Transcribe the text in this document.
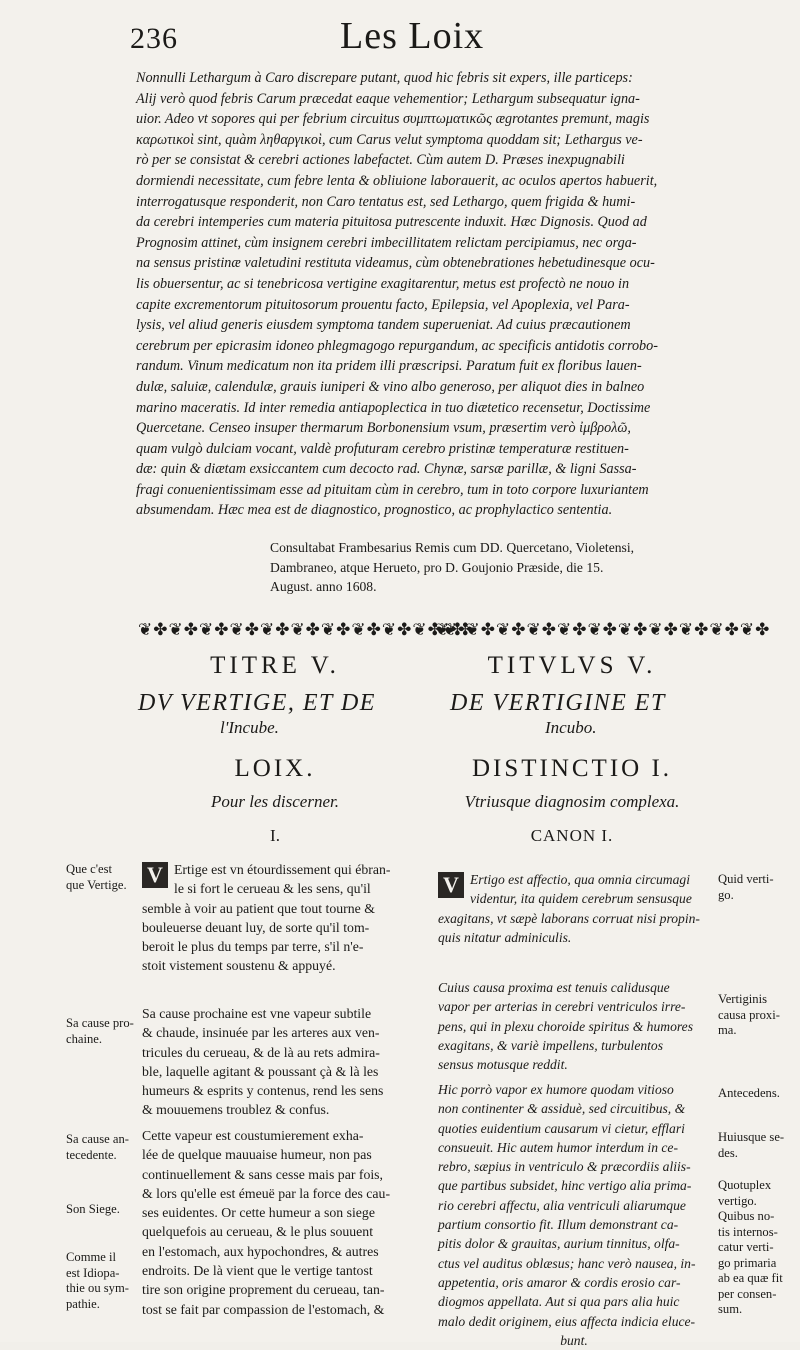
236	Les Loix

Nonnulli Lethargum à Caro discrepare putant, quod hic febris sit expers, ille particeps:

Alij verò quod febris Carum præcedat eaque vehementior; Lethargum subsequatur igna-

uior. Adeo vt sopores qui per febrium circuitus συμπτωματικῶς ægrotantes premunt, magis

καρωτικοὶ sint, quàm ληθαργικοὶ, cum Carus velut symptoma quoddam sit; Lethargus ve-

rò per se consistat & cerebri actiones labefactet. Cùm autem D. Præses inexpugnabili

dormiendi necessitate, cum febre lenta & obliuione laborauerit, ac oculos apertos habuerit,

interrogatusque responderit, non Caro tentatus est, sed Lethargo, quem frigida & humi-

da cerebri intemperies cum materia pituitosa putrescente induxit. Hæc Dignosis. Quod ad

Prognosim attinet, cùm insignem cerebri imbecillitatem relictam percipiamus, nec orga-

na sensus pristinæ valetudini restituta videamus, cùm obtenebrationes hebetudinesque ocu-

lis obuersentur, ac si tenebricosa vertigine exagitarentur, metus est profectò ne nouo in

capite excrementorum pituitosorum prouentu facto, Epilepsia, vel Apoplexia, vel Para-

lysis, vel aliud generis eiusdem symptoma tandem superueniat. Ad cuius præcautionem

cerebrum per epicrasim idoneo phlegmagogo repurgandum, ac specificis antidotis corrobo-

randum. Vinum medicatum non ita pridem illi præscripsi. Paratum fuit ex floribus lauen-

dulæ, saluiæ, calendulæ, grauis iuniperi & vino albo generoso, per aliquot dies in balneo

marino maceratis. Id inter remedia antiapoplectica in tuo diætetico recensetur, Doctissime

Quercetane. Censeo insuper thermarum Borbonensium vsum, præsertim verò ἰμβρολῶ,

quam vulgò dulciam vocant, valdè profuturam cerebro pristinæ temperaturæ restituen-

dæ: quin & diætam exsiccantem cum decocto rad. Chynæ, sarsæ parillæ, & ligni Sassa-

fragi conuenientissimam esse ad pituitam cùm in cerebro, tum in toto corpore luxuriantem

absumendam. Hæc mea est de diagnostico, prognostico, ac prophylactico sententia.

Consultabat Frambesarius Remis cum DD. Quercetano, Violetensi,

Dambraneo, atque Herueto, pro D. Goujonio Præside, die 15.

August. anno 1608.

❦✤❦✤❦✤❦✤❦✤❦✤❦✤❦✤❦✤❦✤❦✤
❦✤❦✤❦✤❦✤❦✤❦✤❦✤❦✤❦✤❦✤❦✤
TITRE V.
DV VERTIGE, ET DE
l'Incube.
LOIX.
Pour les discerner.
I.
TITVLVS V.
DE VERTIGINE ET
Incubo.
DISTINCTIO I.
Vtriusque diagnosim complexa.
CANON I.
V Ertige est vn étourdissement qui ébran-

le si fort le cerueau & les sens, qu'il

semble à voir au patient que tout tourne &

bouleuerse deuant luy, de sorte qu'il tom-

beroit le plus du temps par terre, s'il n'e-

stoit vistement soustenu & appuyé.

Sa cause prochaine est vne vapeur subtile

& chaude, insinuée par les arteres aux ven-

tricules du cerueau, & de là au rets admira-

ble, laquelle agitant & poussant çà & là les

humeurs & esprits y contenus, rend les sens

& mouuemens troublez & confus.

Cette vapeur est coustumierement exha-

lée de quelque mauuaise humeur, non pas

continuellement & sans cesse mais par fois,

& lors qu'elle est émeuë par la force des cau-

ses euidentes. Or cette humeur a son siege

quelquefois au cerueau, & le plus souuent

en l'estomach, aux hypochondres, & autres

endroits. De là vient que le vertige tantost

tire son origine proprement du cerueau, tan-

tost se fait par compassion de l'estomach, &

V Ertigo est affectio, qua omnia circumagi

videntur, ita quidem cerebrum sensusque

exagitans, vt sæpè laborans corruat nisi propin-

quis nitatur adminiculis.

Cuius causa proxima est tenuis calidusque

vapor per arterias in cerebri ventriculos irre-

pens, qui in plexu choroide spiritus & humores

exagitans, & variè impellens, turbulentos

sensus motusque reddit.

Hic porrò vapor ex humore quodam vitioso

non continenter & assiduè, sed circuitibus, &

quoties euidentium causarum vi cietur, efflari

consueuit. Hic autem humor interdum in ce-

rebro, sæpius in ventriculo & præcordiis aliis-

que partibus subsidet, hinc vertigo alia prima-

rio cerebri affectu, alia ventriculi aliarumque

partium consortio fit. Illum demonstrant ca-

pitis dolor & grauitas, aurium tinnitus, olfa-

ctus vel auditus oblæsus; hanc verò nausea, in-

appetentia, oris amaror & cordis erosio car-

diogmos appellata. Aut si qua pars alia huic

malo dedit originem, eius affecta indicia eluce-

bunt.

Que c'est

que Vertige.

Sa cause pro-

chaine.

Sa cause an-

tecedente.

Son Siege.

Comme il

est Idiopa-

thie ou sym-

pathie.

Quid verti-

go.

Vertiginis

causa proxi-

ma.

Antecedens.

Huiusque se-

des.

Quotuplex

vertigo.

Quibus no-

tis internos-

catur verti-

go primaria

ab ea quæ fit

per consen-

sum.
